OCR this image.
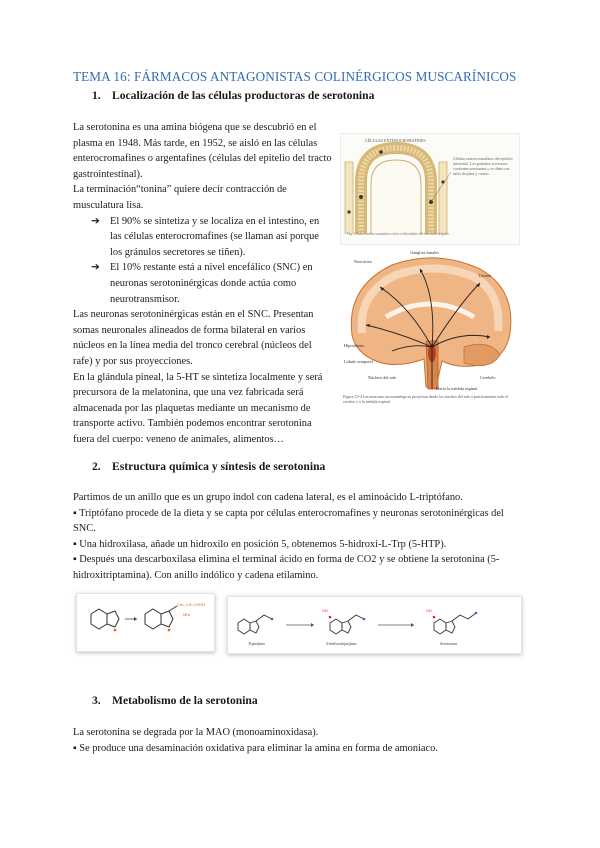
TEMA 16: FÁRMACOS ANTAGONISTAS COLINÉRGICOS MUSCARÍNICOS
1. Localización de las células productoras de serotonina

La serotonina es una amina biógena que se descubrió en el plasma en 1948. Más tarde, en 1952, se aisló en las células enterocromafines o argentafines (células del epitelio del tracto gastrointestinal).

La terminación“tonina” quiere decir contracción de musculatura lisa.

➔ El 90% se sintetiza y se localiza en el intestino, en las células enterocromafines (se llaman así porque los gránulos secretores se tiñen).
➔ El 10% restante está a nivel encefálico (SNC) en neuronas serotoninérgicas donde actúa como neurotransmisor.

Las neuronas serotoninérgicas están en el SNC. Presentan somas neuronales alineados de forma bilateral en varios núcleos en la línea media del tronco cerebral (núcleos del rafe) y por sus proyecciones.

En la glándula pineal, la 5-HT se sintetiza localmente y será precursora de la melatonina, que una vez fabricada será almacenada por las plaquetas mediante un mecanismo de transporte activo. También podemos encontrar serotonina fuera del cuerpo: veneno de animales, alimentos…

CÉLULAS ENTEROCROMAFINES
Células enterocromafines del epitelio intestinal. Los gránulos secretores contienen serotonina y se tiñen con sales de plata y cromo.
Fig. Células enterocromafines en las vellosidades del intestino delgado
Neocórtex
Ganglios basales
Tálamo
Hipotálamo
Lóbulo temporal
Núcleos del rafe	Cerebelo
Hacia la médula espinal
Figura 23-4 Las neuronas serotoninérgicas proyectan desde los núcleos del rafe a prácticamente todo el cerebro y a la médula espinal.
2. Estructura química y síntesis de serotonina

Partimos de un anillo que es un grupo indol con cadena lateral, es el aminoácido L-triptófano.

▪ Triptófano procede de la dieta y se capta por células enterocromafines y neuronas serotoninérgicas del SNC.

▪ Una hidroxilasa, añade un hidroxilo en posición 5, obtenemos 5-hidroxi-L-Trp (5-HTP).

▪ Después una descarboxilasa elimina el terminal ácido en forma de CO2 y se obtiene la serotonina (5-hidroxitriptamina). Con anillo indólico y cadena etilamino.

CH₂–CH–COOH
NH₂
HO	HO
Triptófano	5-hidroxitriptófano	Serotonina
3. Metabolismo de la serotonina

La serotonina se degrada por la MAO (monoaminoxidasa).

▪ Se produce una desaminación oxidativa para eliminar la amina en forma de amoniaco.
